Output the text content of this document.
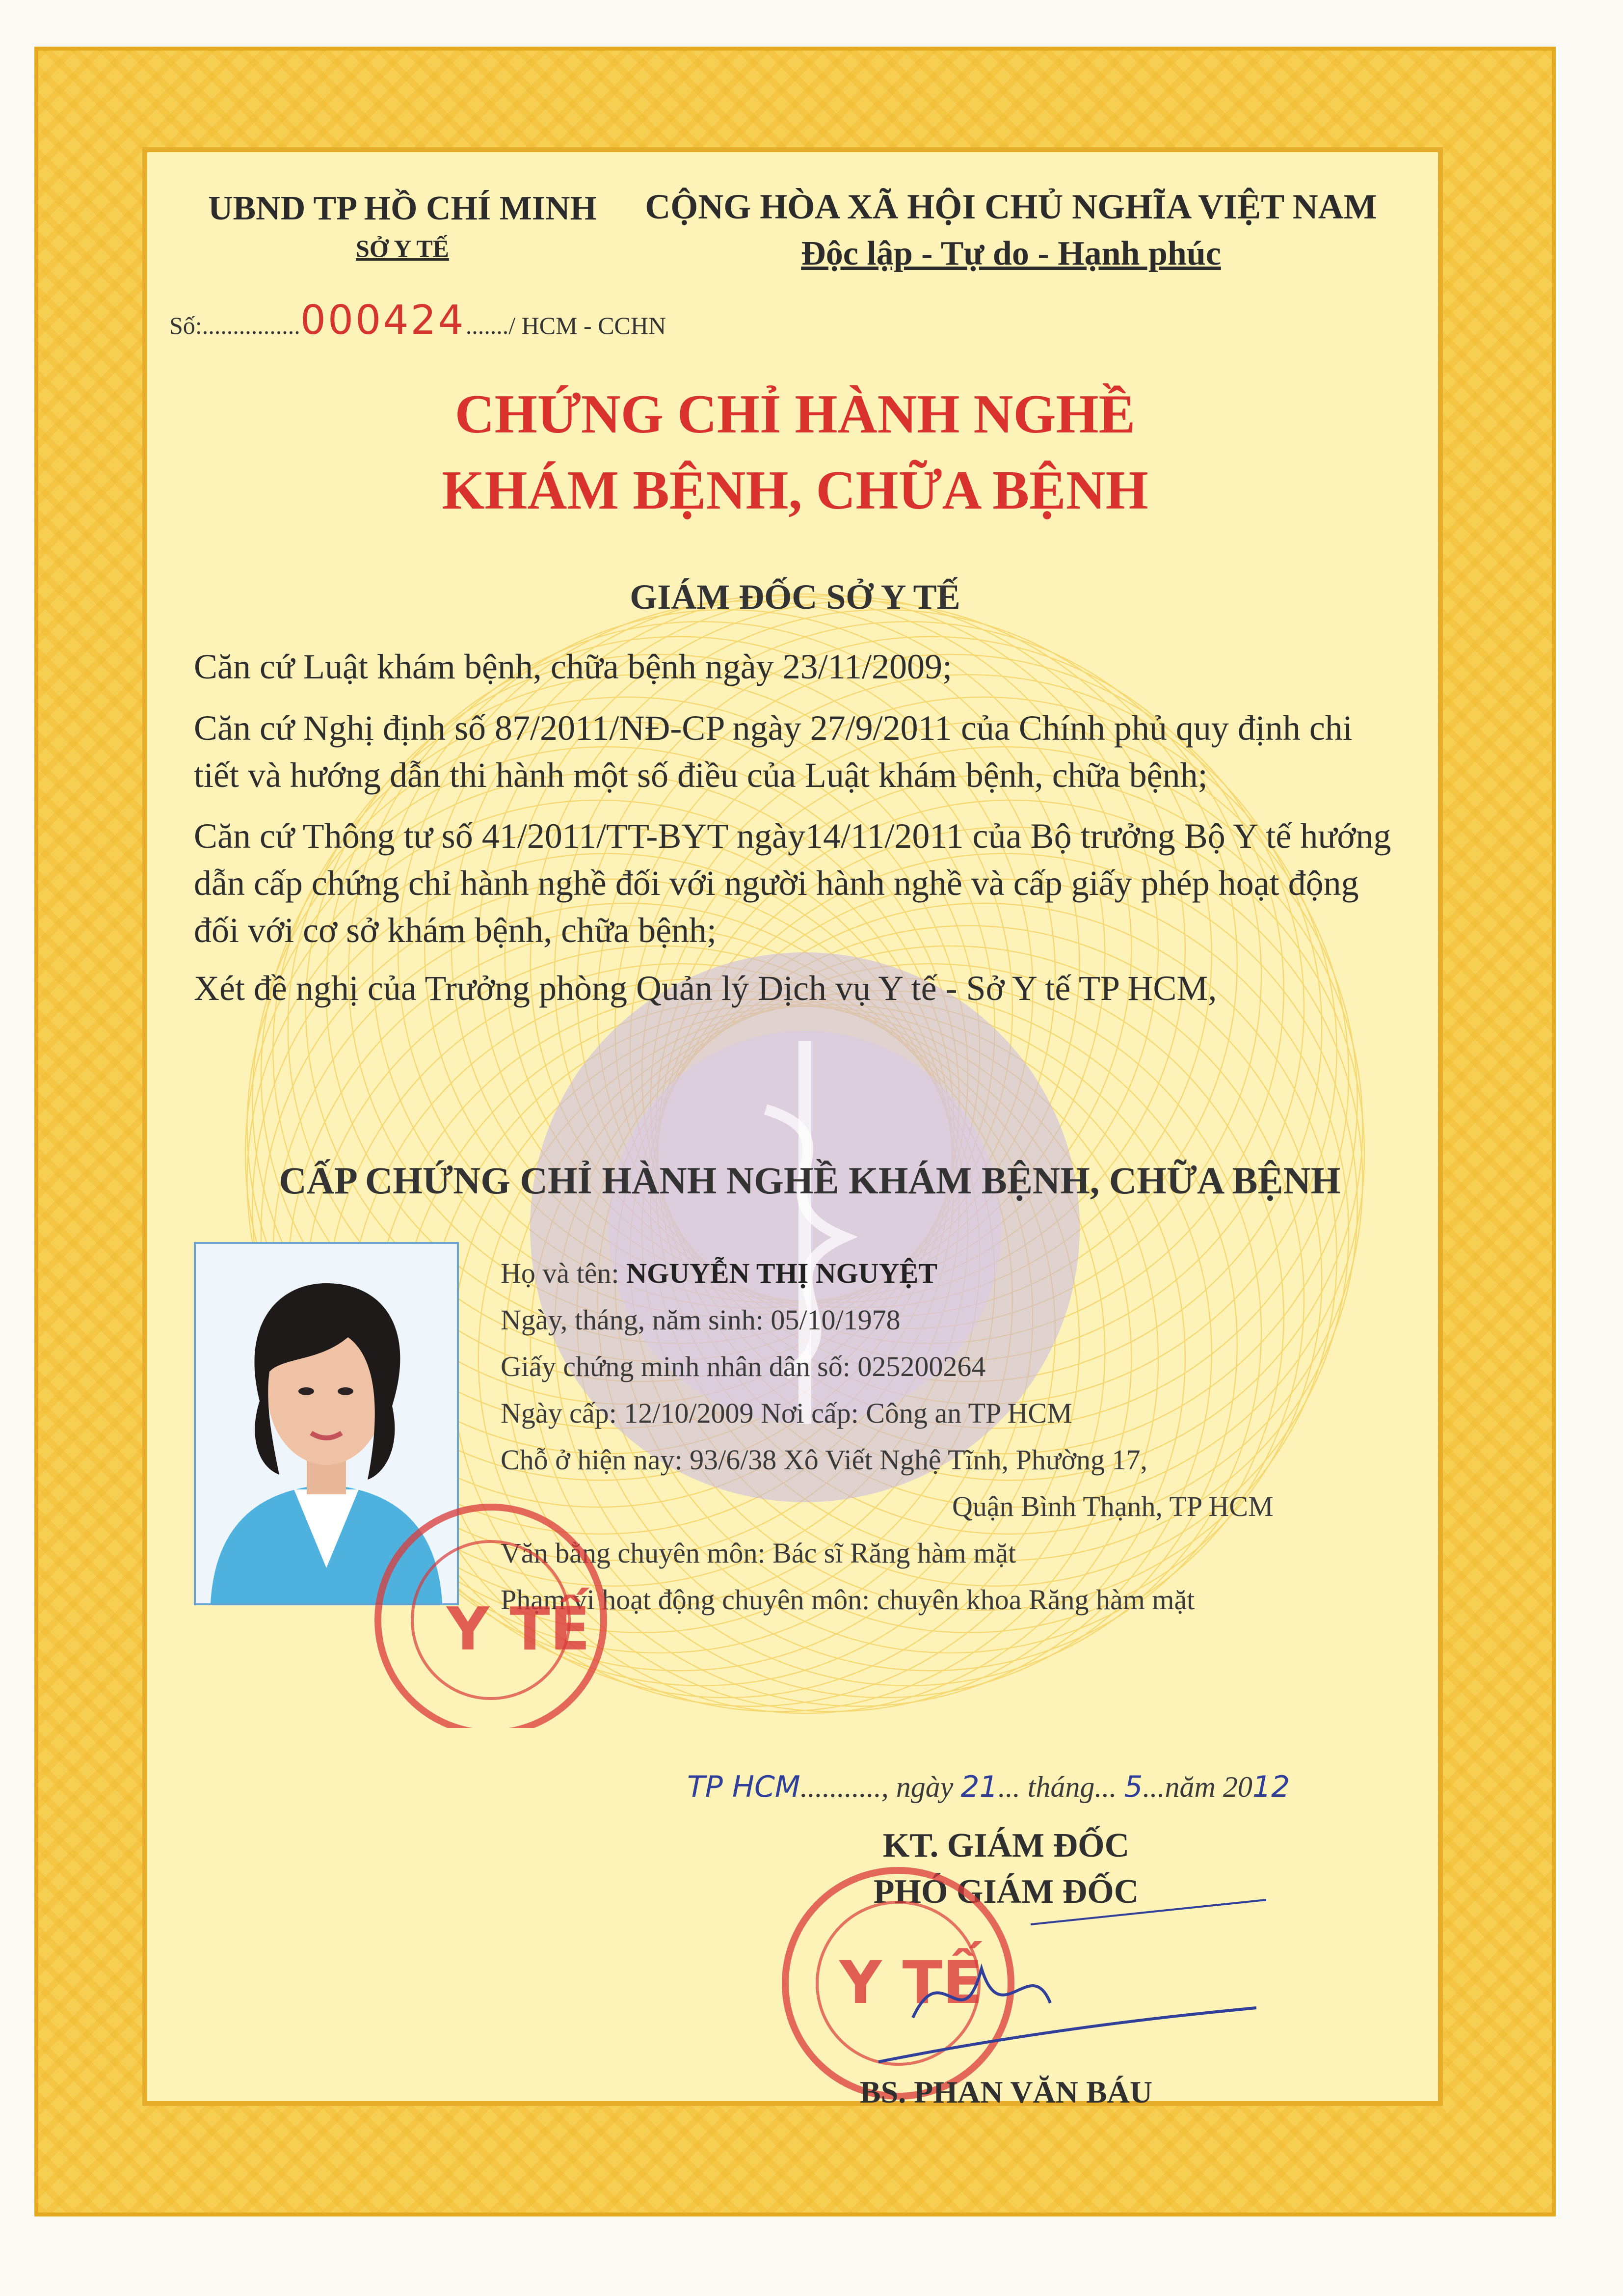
UBND TP HỒ CHÍ MINH
SỞ Y TẾ
CỘNG HÒA XÃ HỘI CHỦ NGHĨA VIỆT NAM
Độc lập - Tự do - Hạnh phúc
Số:................000424......./ HCM - CCHN
CHỨNG CHỈ HÀNH NGHỀ
KHÁM BỆNH, CHỮA BỆNH
GIÁM ĐỐC SỞ Y TẾ
Căn cứ Luật khám bệnh, chữa bệnh ngày 23/11/2009;
Căn cứ Nghị định số 87/2011/NĐ-CP ngày 27/9/2011 của Chính phủ quy định chi tiết và hướng dẫn thi hành một số điều của Luật khám bệnh, chữa bệnh;
Căn cứ Thông tư số 41/2011/TT-BYT ngày14/11/2011 của Bộ trưởng Bộ Y tế hướng dẫn cấp chứng chỉ hành nghề đối với người hành nghề và cấp giấy phép hoạt động đối với cơ sở khám bệnh, chữa bệnh;
Xét đề nghị của Trưởng phòng Quản lý Dịch vụ Y tế - Sở Y tế TP HCM,
CẤP CHỨNG CHỈ HÀNH NGHỀ KHÁM BỆNH, CHỮA BỆNH
Họ và tên: NGUYỄN THỊ NGUYỆT
Ngày, tháng, năm sinh: 05/10/1978
Giấy chứng minh nhân dân số: 025200264
Ngày cấp: 12/10/2009 Nơi cấp: Công an TP HCM
Chỗ ở hiện nay: 93/6/38 Xô Viết Nghệ Tĩnh, Phường 17,
Quận Bình Thạnh, TP HCM
Văn bằng chuyên môn: Bác sĩ Răng hàm mặt
Phạm vi hoạt động chuyên môn: chuyên khoa Răng hàm mặt
Y TẾ
TP HCM..........., ngày 21... tháng... 5...năm 2012
KT. GIÁM ĐỐC
PHÓ GIÁM ĐỐC
Y TẾ
BS. PHAN VĂN BÁU
